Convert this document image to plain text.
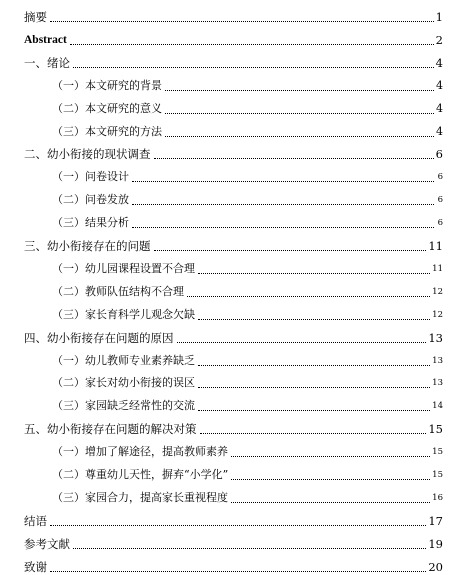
摘要	1
Abstract	2
一、绪论	4
（一）本文研究的背景	4
（二）本文研究的意义	4
（三）本文研究的方法	4
二、幼小衔接的现状调查	6
（一）问卷设计	6
（二）问卷发放	6
（三）结果分析	6
三、幼小衔接存在的问题	11
（一）幼儿园课程设置不合理	11
（二）教师队伍结构不合理	12
（三）家长育科学儿观念欠缺	12
四、幼小衔接存在问题的原因	13
（一）幼儿教师专业素养缺乏	13
（二）家长对幼小衔接的误区	13
（三）家园缺乏经常性的交流	14
五、幼小衔接存在问题的解决对策	15
（一）增加了解途径，提高教师素养	15
（二）尊重幼儿天性，摒弃“小学化”	15
（三）家园合力，提高家长重视程度	16
结语	17
参考文献	19
致谢	20
